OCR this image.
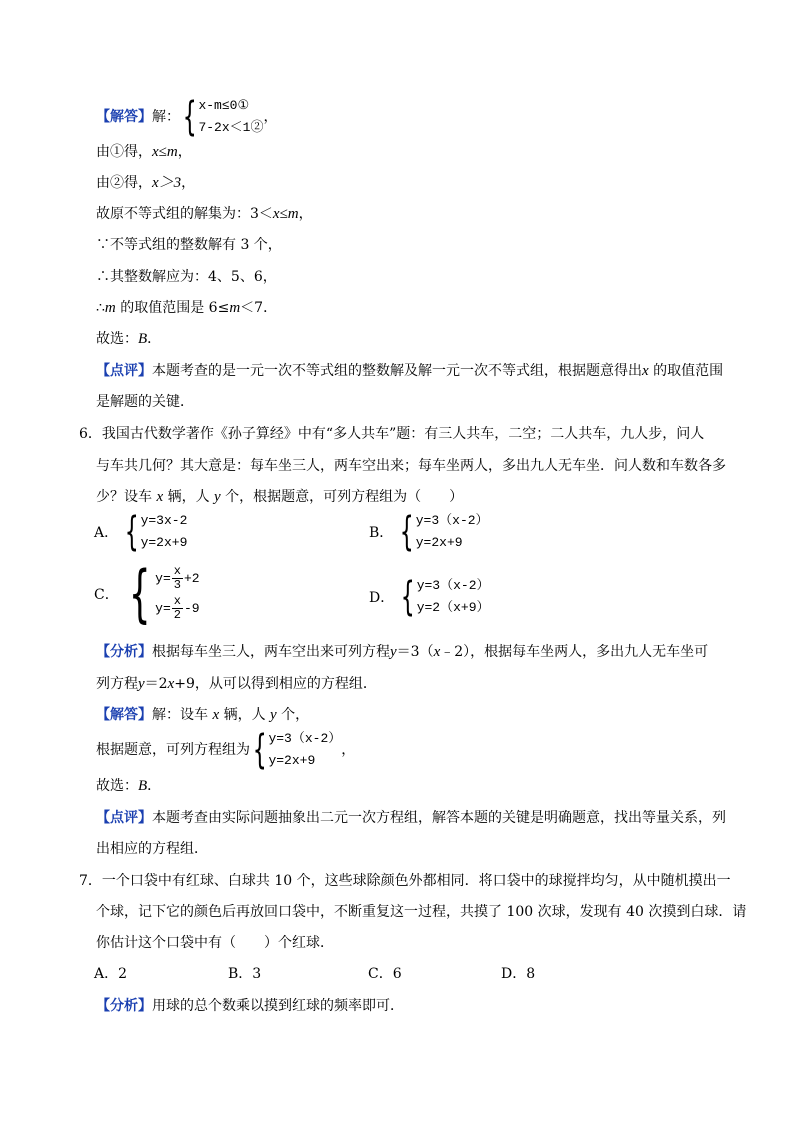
【解答】解： { x-m≤0①
7-2x＜1②
，
由①得，x≤m，
由②得，x＞3，
故原不等式组的解集为：3＜x≤m，
∵不等式组的整数解有 3 个，
∴其整数解应为：4、5、6，
∴m 的取值范围是 6≤m＜7．
故选：B．
【点评】本题考查的是一元一次不等式组的整数解及解一元一次不等式组，根据题意得出x 的取值范围
是解题的关键．
6．我国古代数学著作《孙子算经》中有“多人共车”题：有三人共车，二空；二人共车，九人步，问人
与车共几何？其大意是：每车坐三人，两车空出来；每车坐两人，多出九人无车坐．问人数和车数各多
少？设车 x 辆，人 y 个，根据题意，可列方程组为（　　）
A． { y=3x-2
y=2x+9
B． { y=3（x-2）
y=2x+9
C． { $y= \frac{x}{3} +2$
$y= \frac{x}{2} -9$
D． { y=3（x-2）
y=2（x+9）
【分析】根据每车坐三人，两车空出来可列方程y＝3（x﹣2），根据每车坐两人，多出九人无车坐可
列方程y＝2x+9，从可以得到相应的方程组．
【解答】解：设车 x 辆，人 y 个，
根据题意，可列方程组为 { y=3（x-2）
y=2x+9
，
故选：B．
【点评】本题考查由实际问题抽象出二元一次方程组，解答本题的关键是明确题意，找出等量关系，列
出相应的方程组．
7．一个口袋中有红球、白球共 10 个，这些球除颜色外都相同．将口袋中的球搅拌均匀，从中随机摸出一
个球，记下它的颜色后再放回口袋中，不断重复这一过程，共摸了 100 次球，发现有 40 次摸到白球．请
你估计这个口袋中有（　　）个红球．
A．2	B．3	C．6	D．8
【分析】用球的总个数乘以摸到红球的频率即可．
